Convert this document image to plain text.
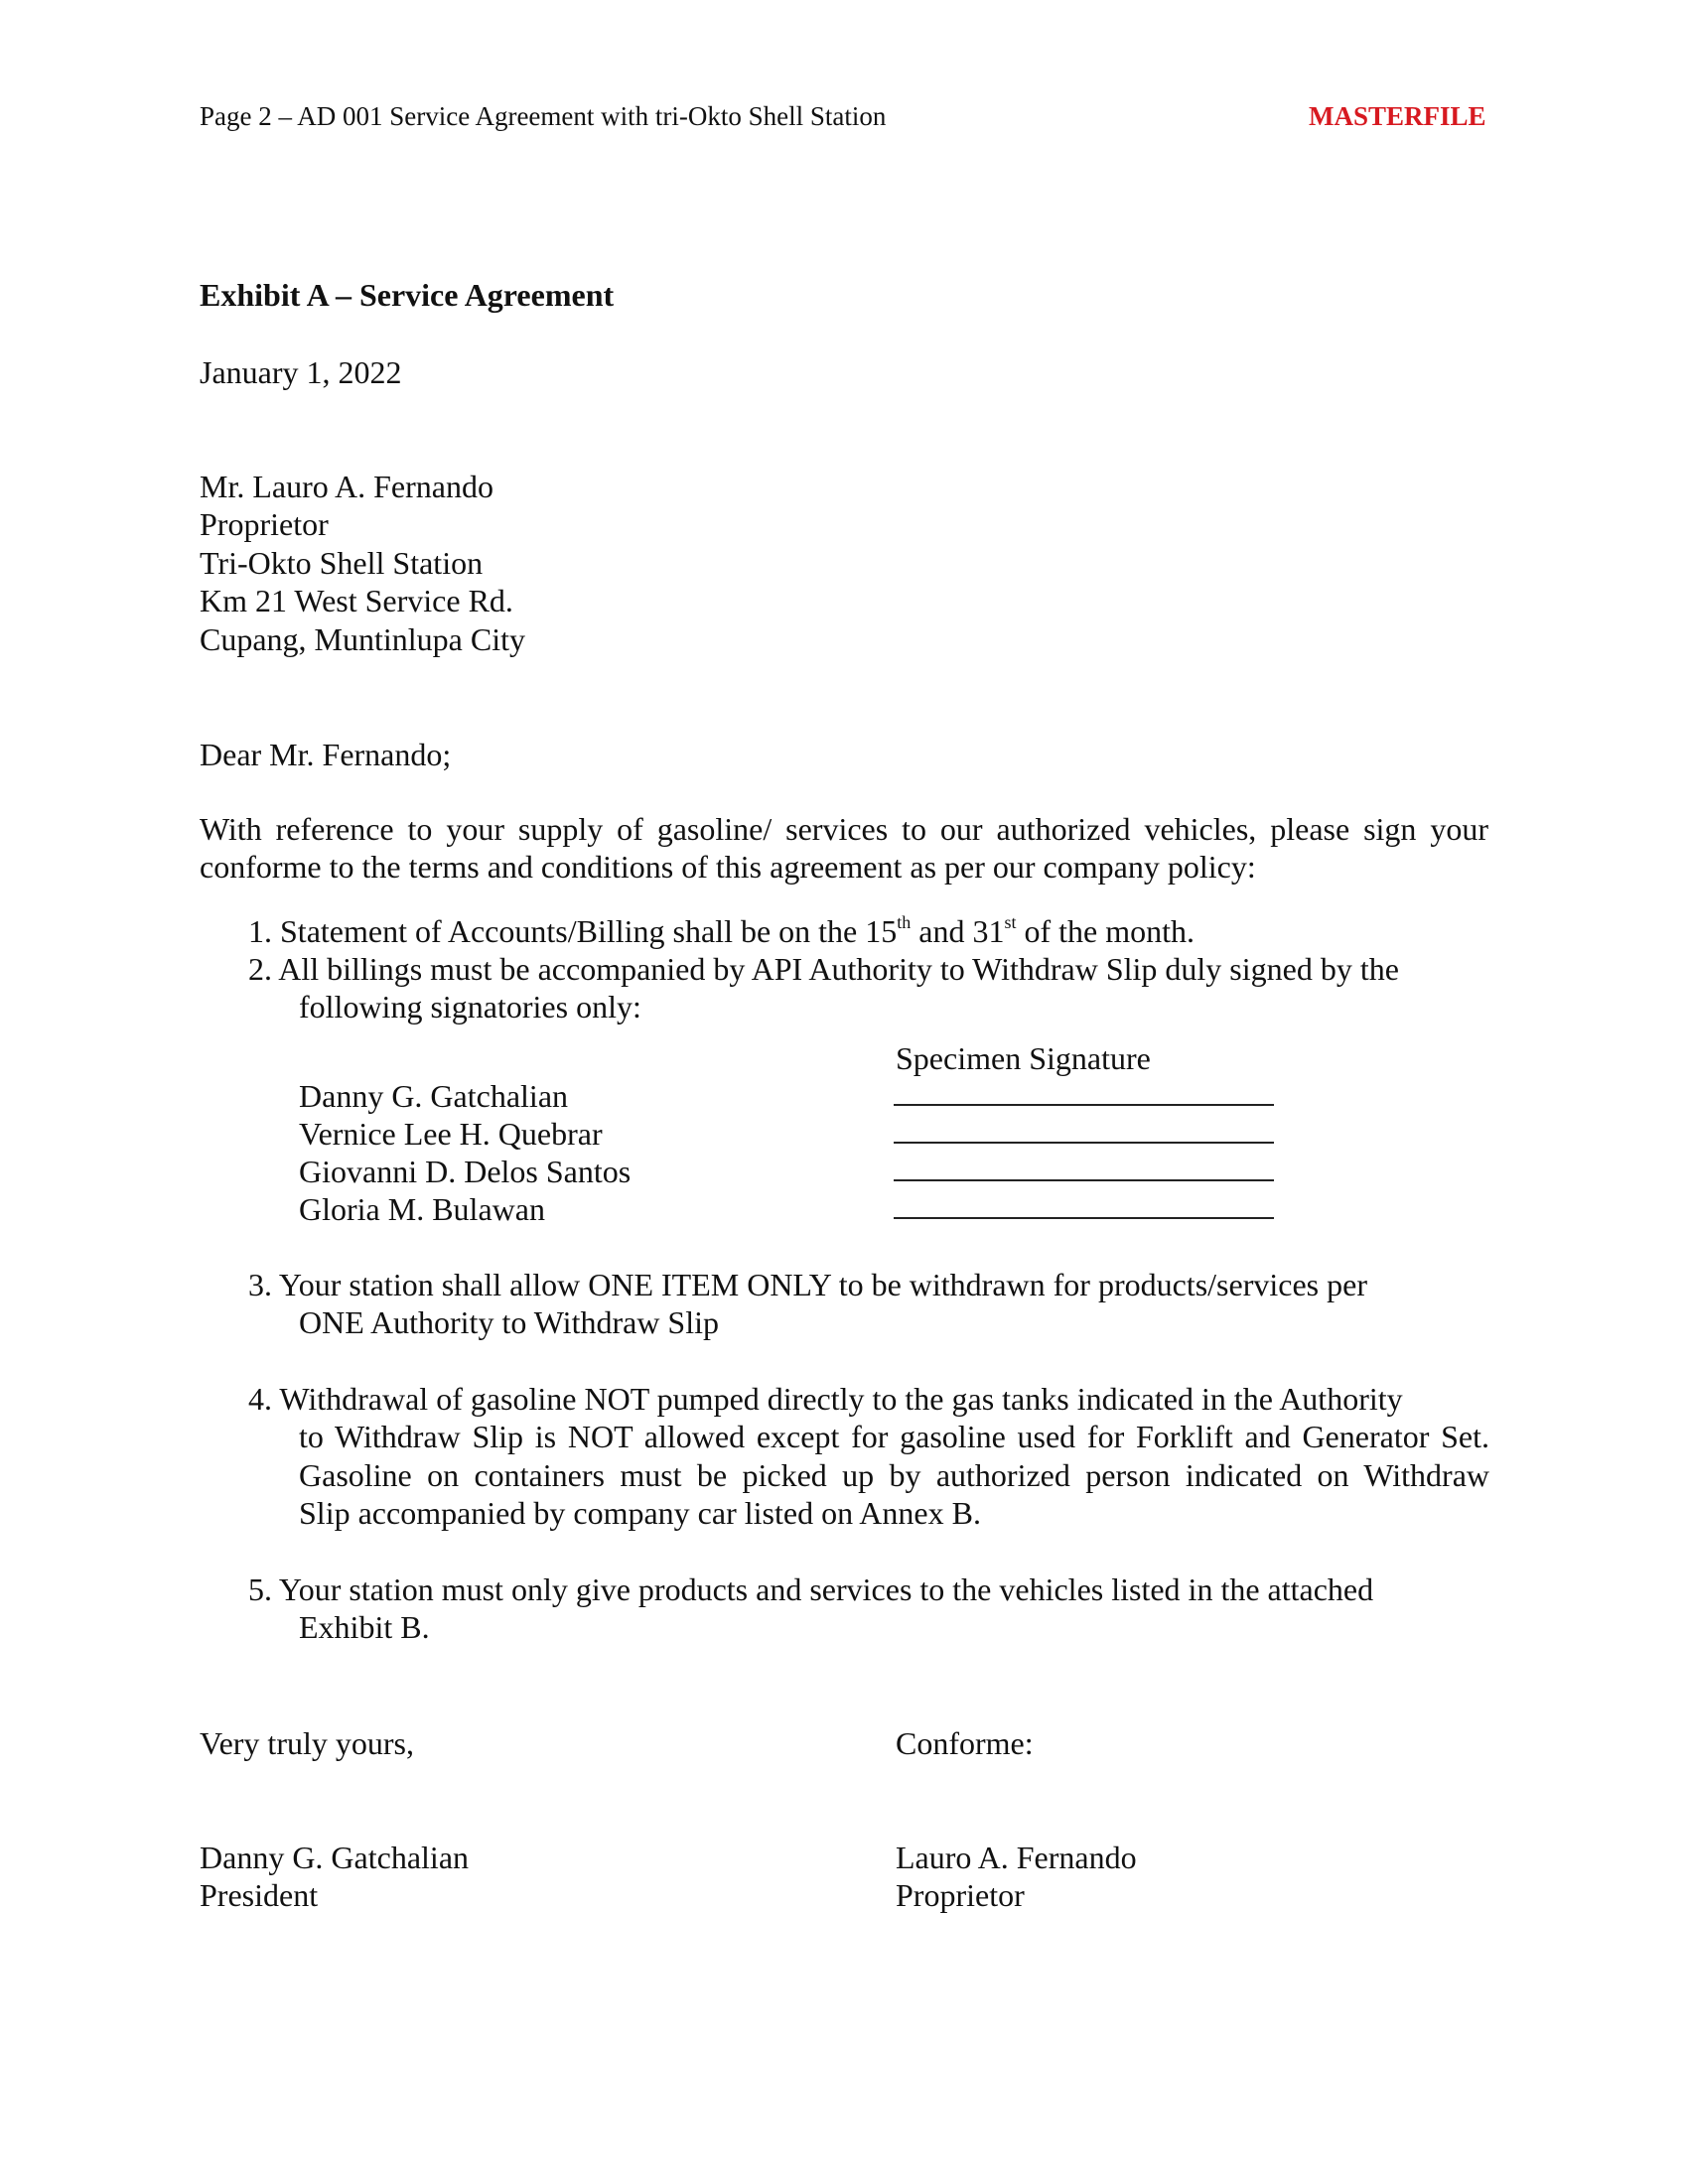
Page 2 – AD 001 Service Agreement with tri-Okto Shell Station	MASTERFILE
Exhibit A – Service Agreement
January 1, 2022
Mr. Lauro A. Fernando
Proprietor
Tri-Okto Shell Station
Km 21 West Service Rd.
Cupang, Muntinlupa City
Dear Mr. Fernando;
With reference to your supply of gasoline/ services to our authorized vehicles, please sign your
conforme to the terms and conditions of this agreement as per our company policy:
1. Statement of Accounts/Billing shall be on the 15th and 31st of the month.
2. All billings must be accompanied by API Authority to Withdraw Slip duly signed by the
following signatories only:
Specimen Signature
Danny G. Gatchalian
Vernice Lee H. Quebrar
Giovanni D. Delos Santos
Gloria M. Bulawan
3. Your station shall allow ONE ITEM ONLY to be withdrawn for products/services per
ONE Authority to Withdraw Slip
4. Withdrawal of gasoline NOT pumped directly to the gas tanks indicated in the Authority
to Withdraw Slip is NOT allowed except for gasoline used for Forklift and Generator Set.
Gasoline on containers must be picked up by authorized person indicated on Withdraw
Slip accompanied by company car listed on Annex B.
5. Your station must only give products and services to the vehicles listed in the attached
Exhibit B.
Very truly yours,	Conforme:
Danny G. Gatchalian
President
Lauro A. Fernando
Proprietor
